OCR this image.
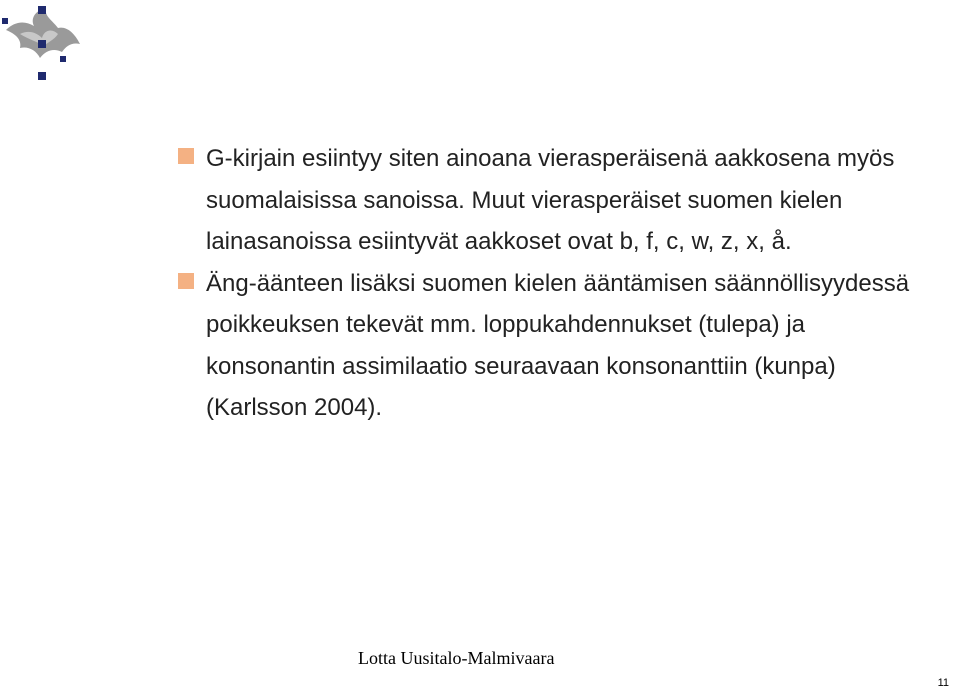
G-kirjain esiintyy siten ainoana vierasperäisenä aakkosena myös suomalaisissa sanoissa. Muut vierasperäiset suomen kielen lainasanoissa esiintyvät aakkoset ovat b, f, c, w, z, x, å.
Äng-äänteen lisäksi suomen kielen ääntämisen säännöllisyydessä poikkeuksen tekevät mm. loppukahdennukset (tulepa) ja konsonantin assimilaatio seuraavaan konsonanttiin (kunpa) (Karlsson 2004).
Lotta Uusitalo-Malmivaara
11
